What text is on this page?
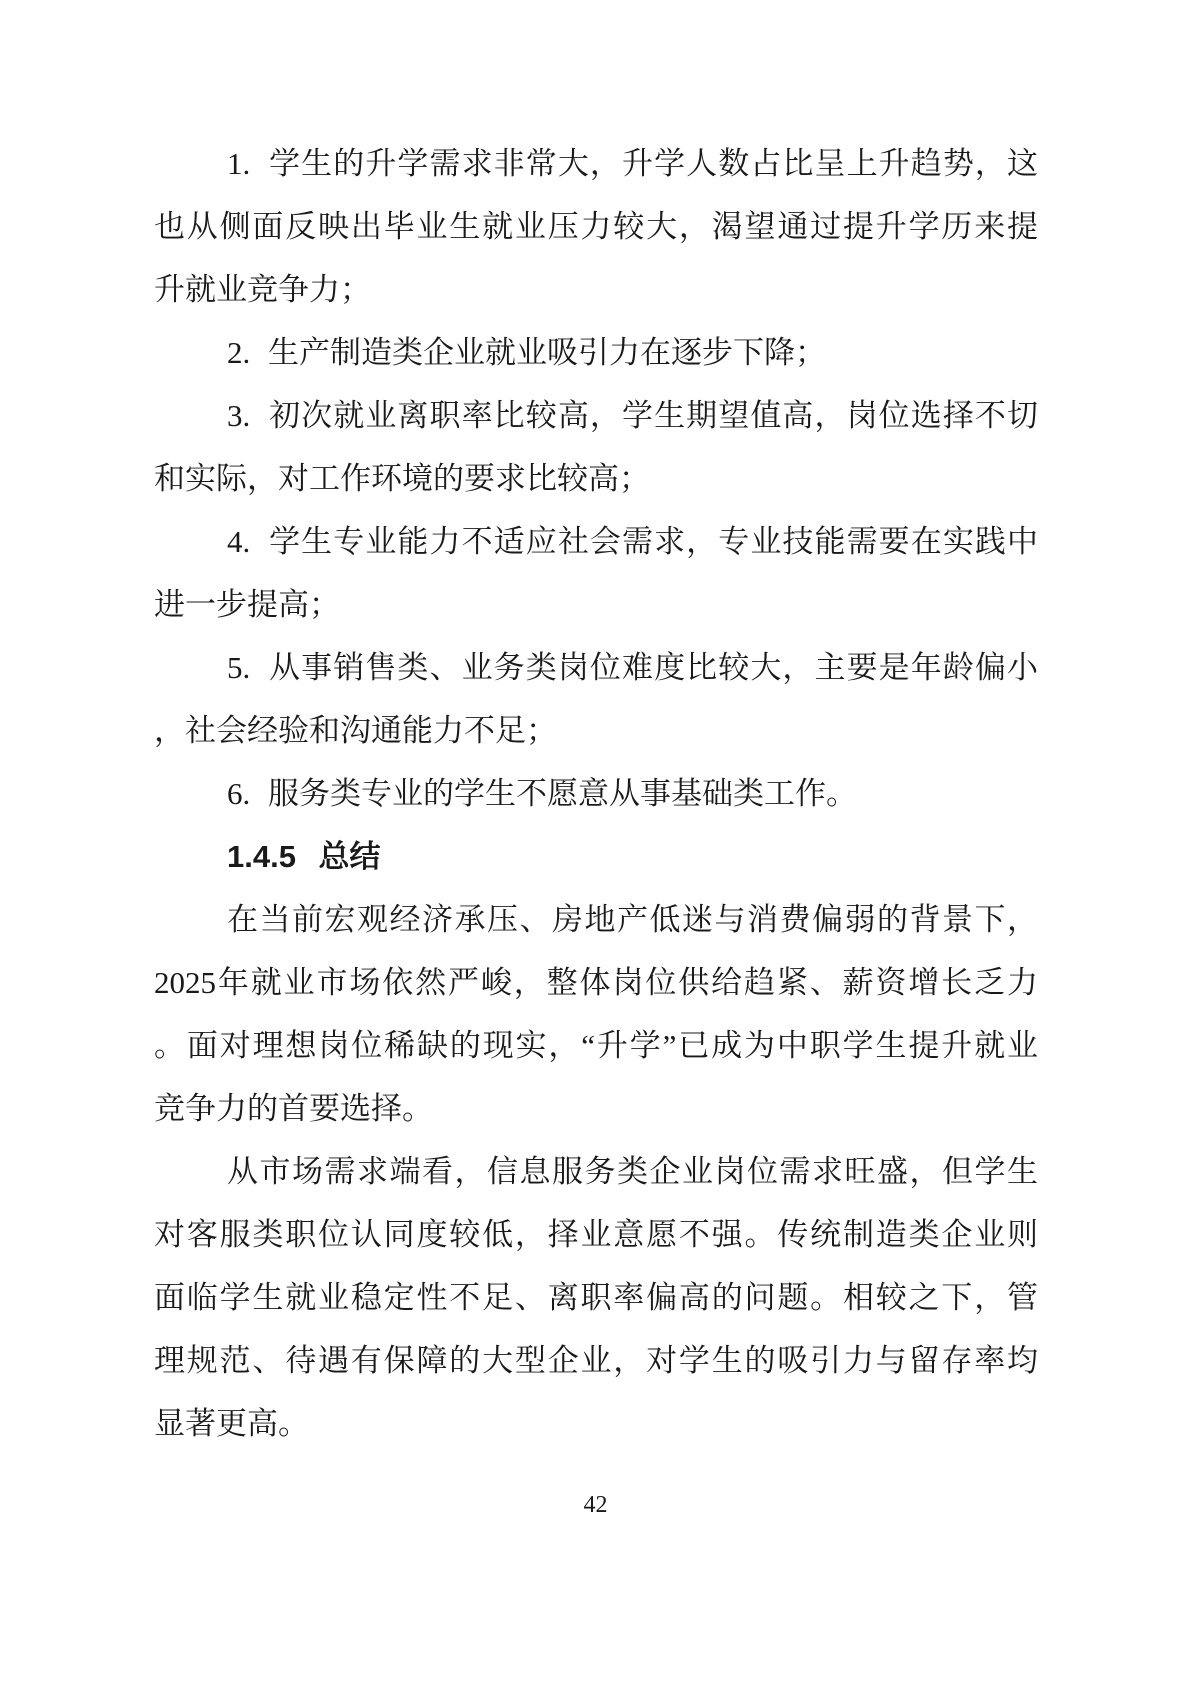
1. 学生的升学需求非常大，升学人数占比呈上升趋势，这
也从侧面反映出毕业生就业压力较大，渴望通过提升学历来提
升就业竞争力；
2. 生产制造类企业就业吸引力在逐步下降；
3. 初次就业离职率比较高，学生期望值高，岗位选择不切
和实际，对工作环境的要求比较高；
4. 学生专业能力不适应社会需求，专业技能需要在实践中
进一步提高；
5. 从事销售类、业务类岗位难度比较大，主要是年龄偏小
，社会经验和沟通能力不足；
6. 服务类专业的学生不愿意从事基础类工作。
1.4.5 总结
在当前宏观经济承压、房地产低迷与消费偏弱的背景下，
2025年就业市场依然严峻，整体岗位供给趋紧、薪资增长乏力
。面对理想岗位稀缺的现实，“升学”已成为中职学生提升就业
竞争力的首要选择。
从市场需求端看，信息服务类企业岗位需求旺盛，但学生
对客服类职位认同度较低，择业意愿不强。传统制造类企业则
面临学生就业稳定性不足、离职率偏高的问题。相较之下，管
理规范、待遇有保障的大型企业，对学生的吸引力与留存率均
显著更高。
42
